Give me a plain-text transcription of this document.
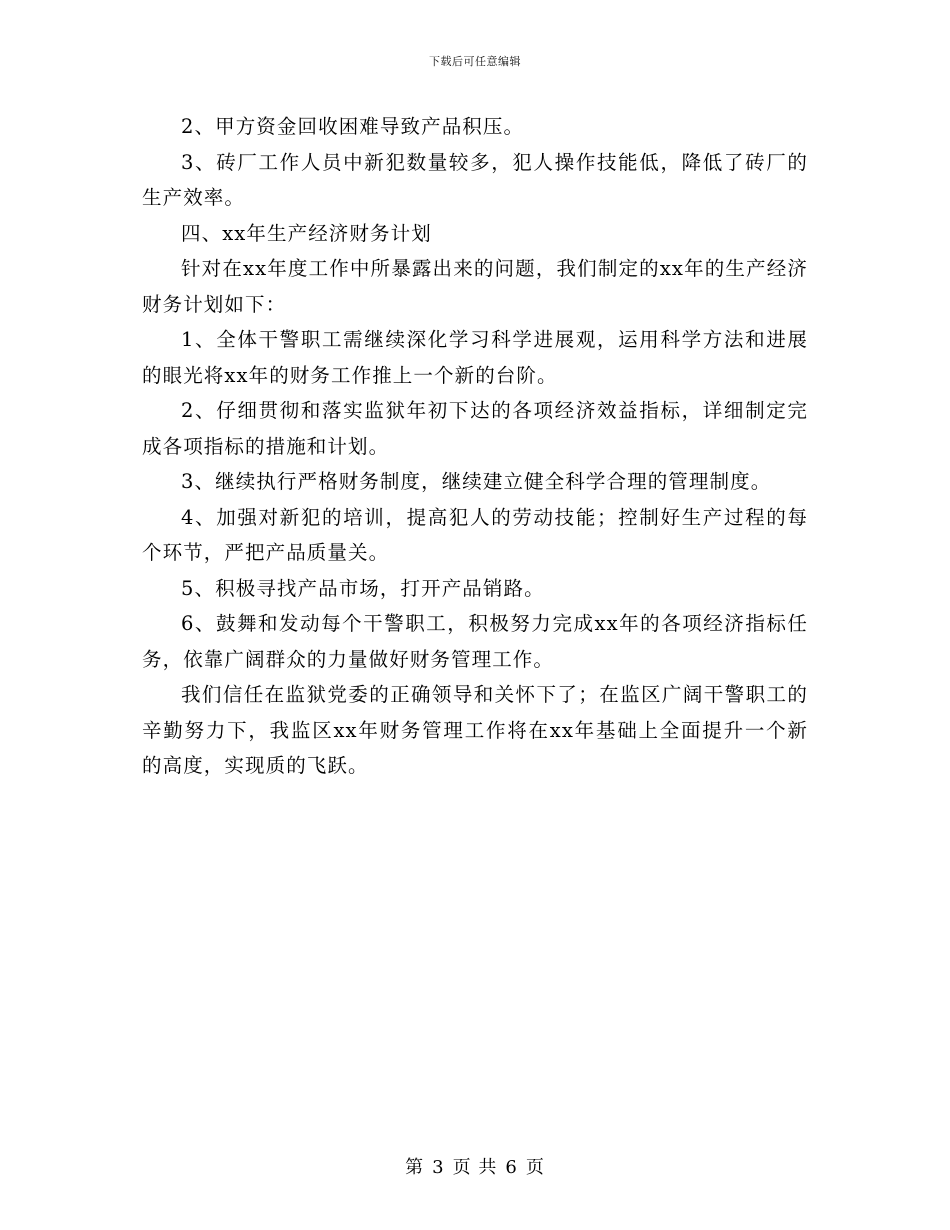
下载后可任意编辑

2、甲方资金回收困难导致产品积压。

3、砖厂工作人员中新犯数量较多，犯人操作技能低，降低了砖厂的生产效率。

四、xx年生产经济财务计划

针对在xx年度工作中所暴露出来的问题，我们制定的xx年的生产经济财务计划如下：

1、全体干警职工需继续深化学习科学进展观，运用科学方法和进展的眼光将xx年的财务工作推上一个新的台阶。

2、仔细贯彻和落实监狱年初下达的各项经济效益指标，详细制定完成各项指标的措施和计划。

3、继续执行严格财务制度，继续建立健全科学合理的管理制度。

4、加强对新犯的培训，提高犯人的劳动技能；控制好生产过程的每个环节，严把产品质量关。

5、积极寻找产品市场，打开产品销路。

6、鼓舞和发动每个干警职工，积极努力完成xx年的各项经济指标任务，依靠广阔群众的力量做好财务管理工作。

我们信任在监狱党委的正确领导和关怀下了；在监区广阔干警职工的辛勤努力下，我监区xx年财务管理工作将在xx年基础上全面提升一个新的高度，实现质的飞跃。

第 3 页 共 6 页
